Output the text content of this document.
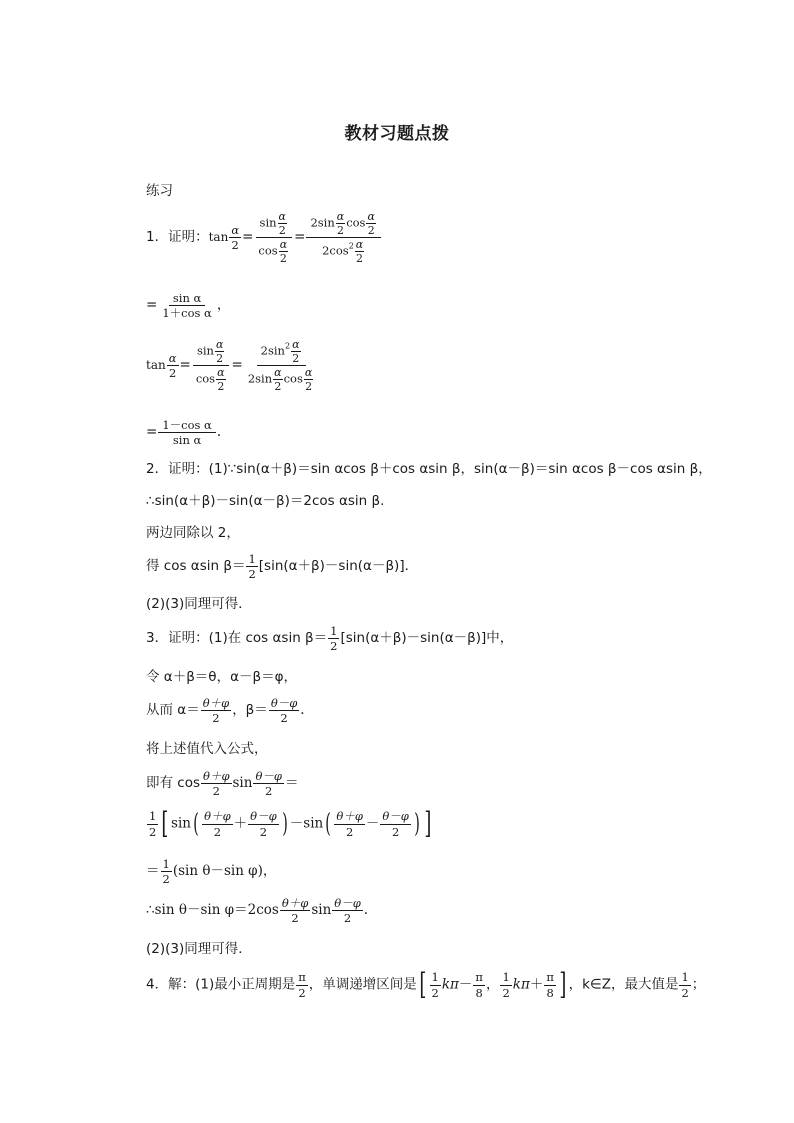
教材习题点拨
练习
1．证明：$\tan \frac{\alpha}{2} = \frac{\sin \frac{\alpha}{2}}{\cos \frac{\alpha}{2}} = \frac{2\sin \frac{\alpha}{2} \cos \frac{\alpha}{2}}{2\cos^2 \frac{\alpha}{2}}$
= $\frac{\text{sin α}}{\text{1＋cos α}}$ ，
$\tan \frac{\alpha}{2} = \frac{\sin \frac{\alpha}{2}}{\cos \frac{\alpha}{2}} = \frac{2\sin^2 \frac{\alpha}{2}}{2\sin \frac{\alpha}{2} \cos \frac{\alpha}{2}}$
= $\frac{\text{1－cos α}}{\text{sin α}}$ .
2．证明：(1)∵sin(α＋β)＝sin αcos β＋cos αsin β，sin(α－β)＝sin αcos β－cos αsin β，
∴sin(α＋β)－sin(α－β)＝2cos αsin β.
两边同除以 2，
得 cos αsin $\beta= \frac{1}{2} [\sin(\alpha+\beta)-\sin(\alpha-\beta)]$．
(2)(3)同理可得．
3．证明：(1)在 cos αsin $\beta= \frac{1}{2} [\sin(\alpha+\beta)-\sin(\alpha-\beta)]$中，
令 α＋β＝θ，α－β＝φ，
从而 $\alpha= \frac{\theta+\varphi}{2}$ ，$\beta= \frac{\theta-\varphi}{2}$ .
将上述值代入公式，
即有 $\cos \frac{\theta+\varphi}{2}$ $\sin \frac{\theta-\varphi}{2}$ ＝
$\frac{1}{2}$ [ $\sin( \frac{\theta+\varphi}{2} + \frac{\theta-\varphi}{2}$ ) $-\sin( \frac{\theta+\varphi}{2} - \frac{\theta-\varphi}{2}$ ) ]
＝ $\frac{1}{2} (\sin$ θ－sin φ)，
∴sin θ－sin $\varphi=2\cos \frac{\theta+\varphi}{2}$ $\sin \frac{\theta-\varphi}{2}$ .
(2)(3)同理可得．
4．解：(1)最小正周期是 $\frac{\pi}{2}$ ，单调递增区间是[ $\frac{1}{2} k\pi- \frac{\pi}{8}$ ， $\frac{1}{2} k\pi+ \frac{\pi}{8}$ ] ，k∈Z，最大值是 $\frac{1}{2}$ ；
